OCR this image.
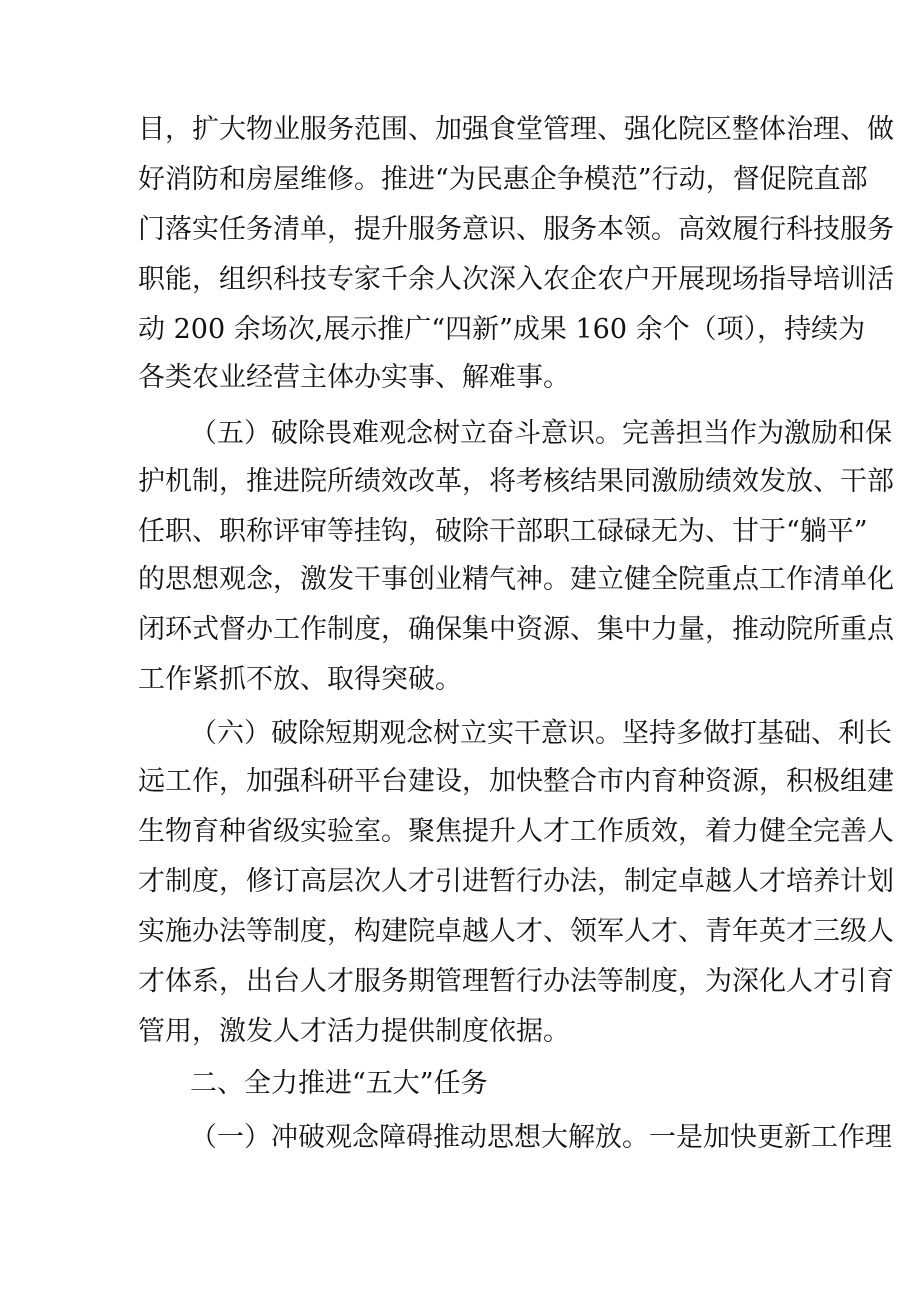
目，扩大物业服务范围、加强食堂管理、强化院区整体治理、做
好消防和房屋维修。推进“为民惠企争模范”行动，督促院直部
门落实任务清单，提升服务意识、服务本领。高效履行科技服务
职能，组织科技专家千余人次深入农企农户开展现场指导培训活
动 200 余场次,展示推广“四新”成果 160 余个（项），持续为
各类农业经营主体办实事、解难事。
（五）破除畏难观念树立奋斗意识。完善担当作为激励和保
护机制，推进院所绩效改革，将考核结果同激励绩效发放、干部
任职、职称评审等挂钩，破除干部职工碌碌无为、甘于“躺平”
的思想观念，激发干事创业精气神。建立健全院重点工作清单化
闭环式督办工作制度，确保集中资源、集中力量，推动院所重点
工作紧抓不放、取得突破。
（六）破除短期观念树立实干意识。坚持多做打基础、利长
远工作，加强科研平台建设，加快整合市内育种资源，积极组建
生物育种省级实验室。聚焦提升人才工作质效，着力健全完善人
才制度，修订高层次人才引进暂行办法，制定卓越人才培养计划
实施办法等制度，构建院卓越人才、领军人才、青年英才三级人
才体系，出台人才服务期管理暂行办法等制度，为深化人才引育
管用，激发人才活力提供制度依据。
二、全力推进“五大”任务
（一）冲破观念障碍推动思想大解放。一是加快更新工作理
